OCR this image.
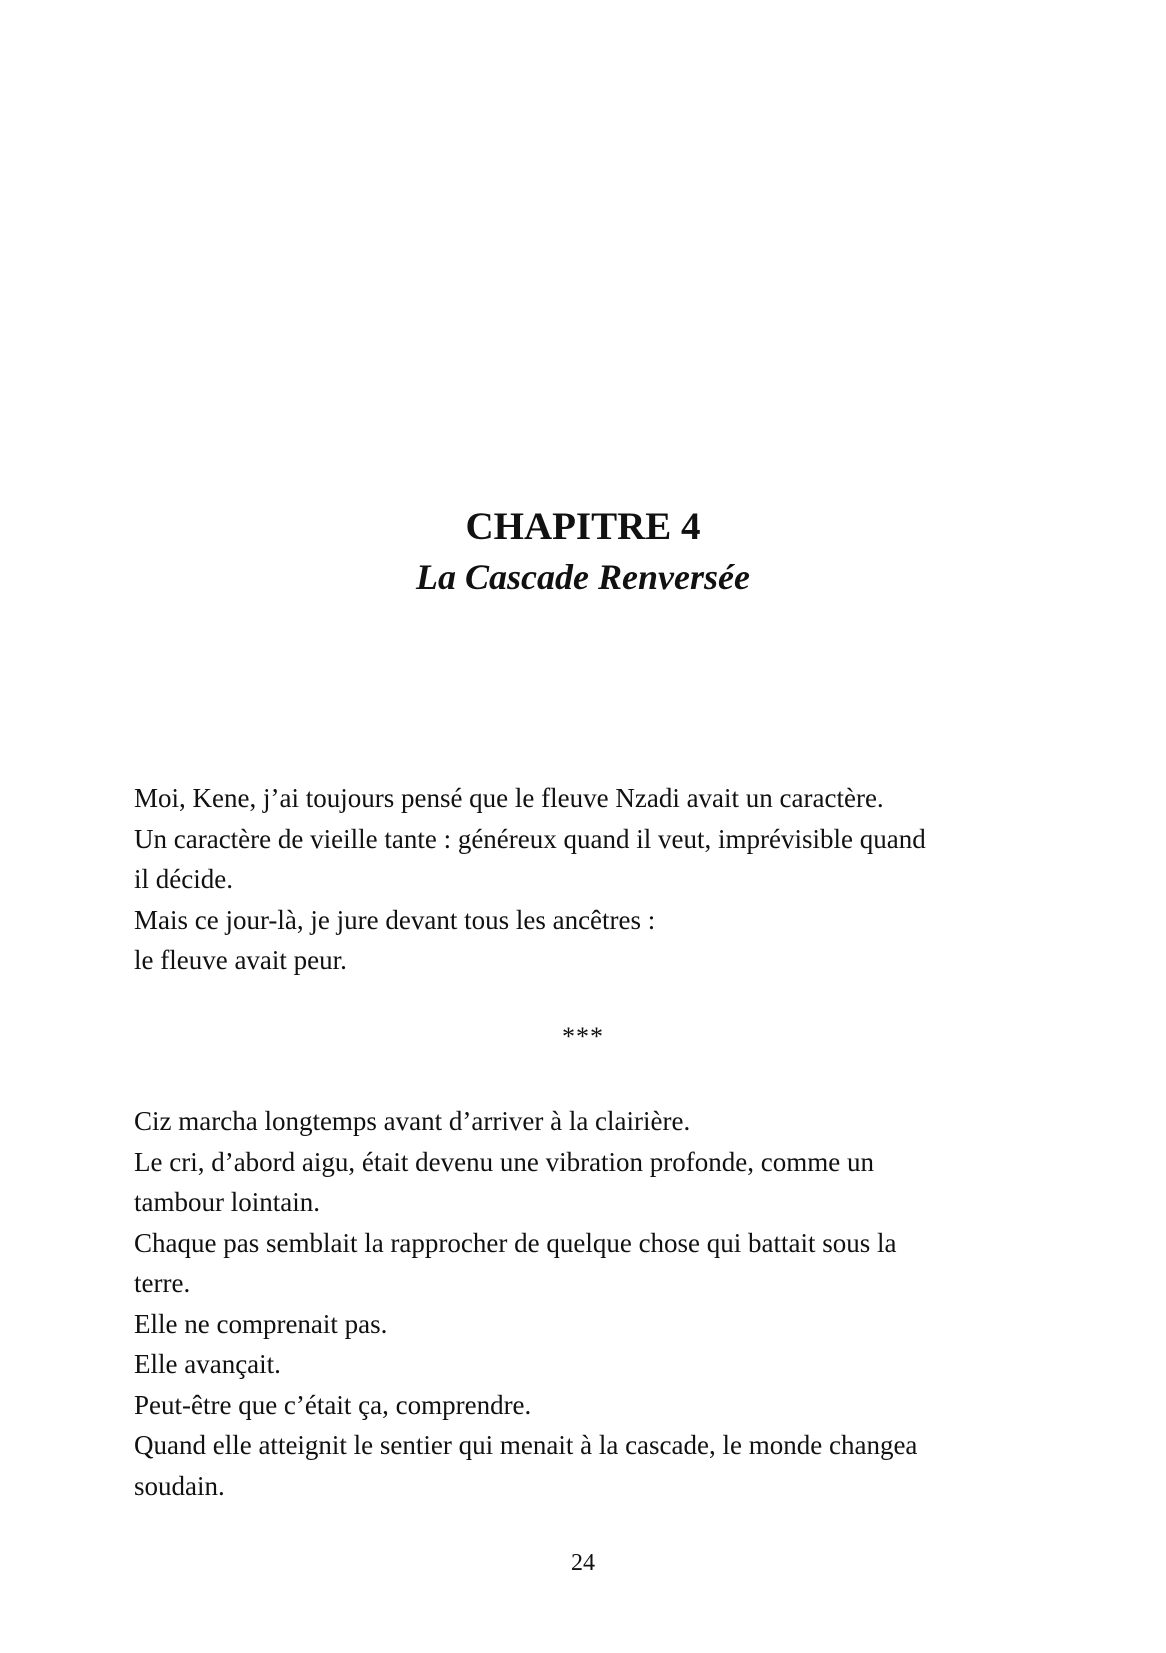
CHAPITRE 4
La Cascade Renversée
Moi, Kene, j’ai toujours pensé que le fleuve Nzadi avait un caractère.
Un caractère de vieille tante : généreux quand il veut, imprévisible quand
il décide.
Mais ce jour-là, je jure devant tous les ancêtres :
le fleuve avait peur.
***
Ciz marcha longtemps avant d’arriver à la clairière.
Le cri, d’abord aigu, était devenu une vibration profonde, comme un
tambour lointain.
Chaque pas semblait la rapprocher de quelque chose qui battait sous la
terre.
Elle ne comprenait pas.
Elle avançait.
Peut-être que c’était ça, comprendre.
Quand elle atteignit le sentier qui menait à la cascade, le monde changea
soudain.
24
